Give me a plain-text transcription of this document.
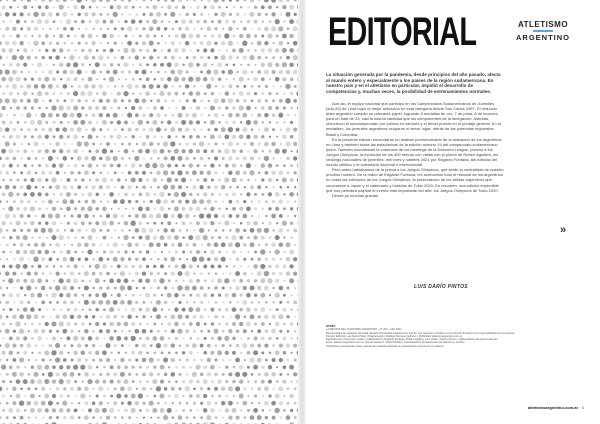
EDITORIAL	ATLETISMO
ARGENTINO

La situación generada por la pandemia, desde principios del año pasado, afecta al mundo entero y especialmente a los países de la región sudamericana. En nuestro país y en el atletismo en particular, impidió el desarrollo de competencias y, muchas veces, la posibilidad de entrenamientos normales.

Aún así, el equipo nacional que participó en los Campeonatos Sudamericanos de Juveniles (sub-20) de Lima logró la mejor actuación en esta categoría desde Sao Carlos 1997. El reducido team argentino cumplió un relevante papel, logrando 8 medallas de oro, 7 de plata, 8 de bronces, para un total de 23, casi la misma cantidad que los componentes de la delegación. Además, obtuvieron el subcampeonato por puntos en varones y el tercer puesto en el puntaje general. En el medallero, los juveniles argentinos ocuparon el tercer lugar, detrás de las potencias regionales: Brasil y Colombia.

En la presente edición encontrarán un análisis pormenorizado de la actuación de los argentinos en Lima y también todas las estadísticas de la edición número 44 del campeonato sudamericano junior. También encontrarán la cobertura de los meetings de la Diamond League, previos a los Juegos Olímpicos, la evolución de los 400 metros con vallas con la pluma de Rubén Aguilera, los rankings nacionales de juveniles, menores y cadetes 2021 por Edgardo Fontana, las noticias del mundo atlético y el calendario nacional e internacional.

Pero antes hablábamos de la previa a los Juegos Olímpicos, que serán la centralidad de nuestro próximo número. De la mano de Edgardo Fontana, les acercamos todo el historial de los argentinos en todas las ediciones de los Juegos Olímpicos, la presentación de los atletas argentinos que concurrirán a Japón y el calendario y horarios de Tokio 2020. En resumen, una edición imperdible que nos permitirá palpitar el evento más importante del año: los Juegos Olímpicos de Tokio 2020.

Desde ya muchas gracias.

»
LUIS DARÍO PINTOS
STAFF
LA REVISTA DEL ATLETISMO ARGENTINO - Nº 224 - Julio 2021
Revista digital de aparición bimestral. Registro Propiedad Intelectual en trámite. Las opiniones vertidas en los artículos firmados son responsabilidad de sus autores.
Director Editorial: Luis Darío Pintos / Diagramación: Rodrigo Fontana / Edición y Publicidad: atletismoargentino.com.ar
Departamento Comercial: ventas / Colaboradores: Edgardo Fontana, Rubén Aguilera, Luis Vinker, Carlos Kolmer y colaboradores del interior del país.
Fotos: atletismoargentino.com.ar, Mundo Atletismo, World Athletics, Confederación Sudamericana de Atletismo y archivo.
Prohibida la reproducción total o parcial del material publicado sin autorización expresa de los editores.
atletismoargentino.com.ar · 3
